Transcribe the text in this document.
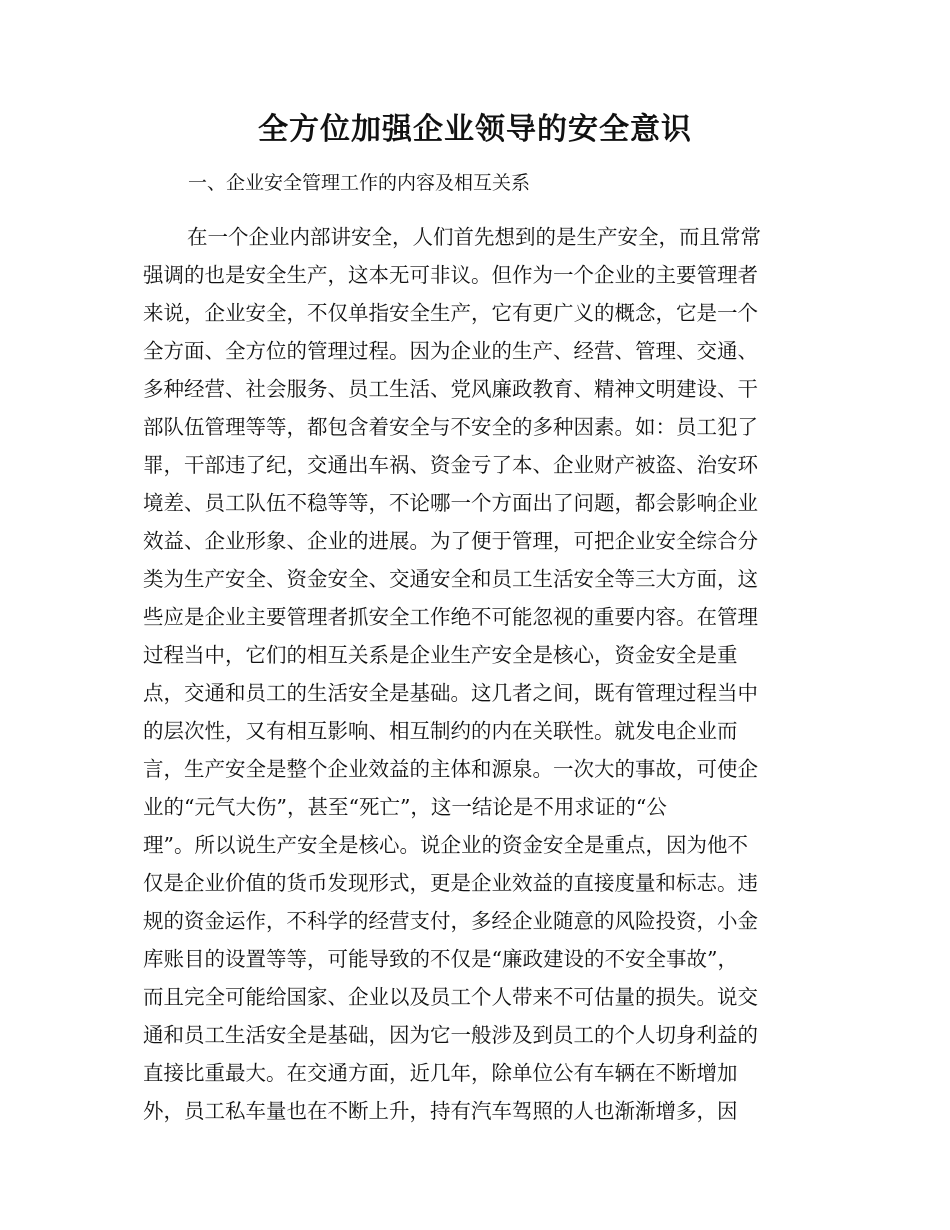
全方位加强企业领导的安全意识
一、企业安全管理工作的内容及相互关系
在一个企业内部讲安全，人们首先想到的是生产安全，而且常常
强调的也是安全生产，这本无可非议。但作为一个企业的主要管理者
来说，企业安全，不仅单指安全生产，它有更广义的概念，它是一个
全方面、全方位的管理过程。因为企业的生产、经营、管理、交通、
多种经营、社会服务、员工生活、党风廉政教育、精神文明建设、干
部队伍管理等等，都包含着安全与不安全的多种因素。如：员工犯了
罪，干部违了纪，交通出车祸、资金亏了本、企业财产被盗、治安环
境差、员工队伍不稳等等，不论哪一个方面出了问题，都会影响企业
效益、企业形象、企业的进展。为了便于管理，可把企业安全综合分
类为生产安全、资金安全、交通安全和员工生活安全等三大方面，这
些应是企业主要管理者抓安全工作绝不可能忽视的重要内容。在管理
过程当中，它们的相互关系是企业生产安全是核心，资金安全是重
点，交通和员工的生活安全是基础。这几者之间，既有管理过程当中
的层次性，又有相互影响、相互制约的内在关联性。就发电企业而
言，生产安全是整个企业效益的主体和源泉。一次大的事故，可使企
业的“元气大伤”，甚至“死亡”，这一结论是不用求证的“公
理”。所以说生产安全是核心。说企业的资金安全是重点，因为他不
仅是企业价值的货币发现形式，更是企业效益的直接度量和标志。违
规的资金运作，不科学的经营支付，多经企业随意的风险投资，小金
库账目的设置等等，可能导致的不仅是“廉政建设的不安全事故”，
而且完全可能给国家、企业以及员工个人带来不可估量的损失。说交
通和员工生活安全是基础，因为它一般涉及到员工的个人切身利益的
直接比重最大。在交通方面，近几年，除单位公有车辆在不断增加
外，员工私车量也在不断上升，持有汽车驾照的人也渐渐增多，因
